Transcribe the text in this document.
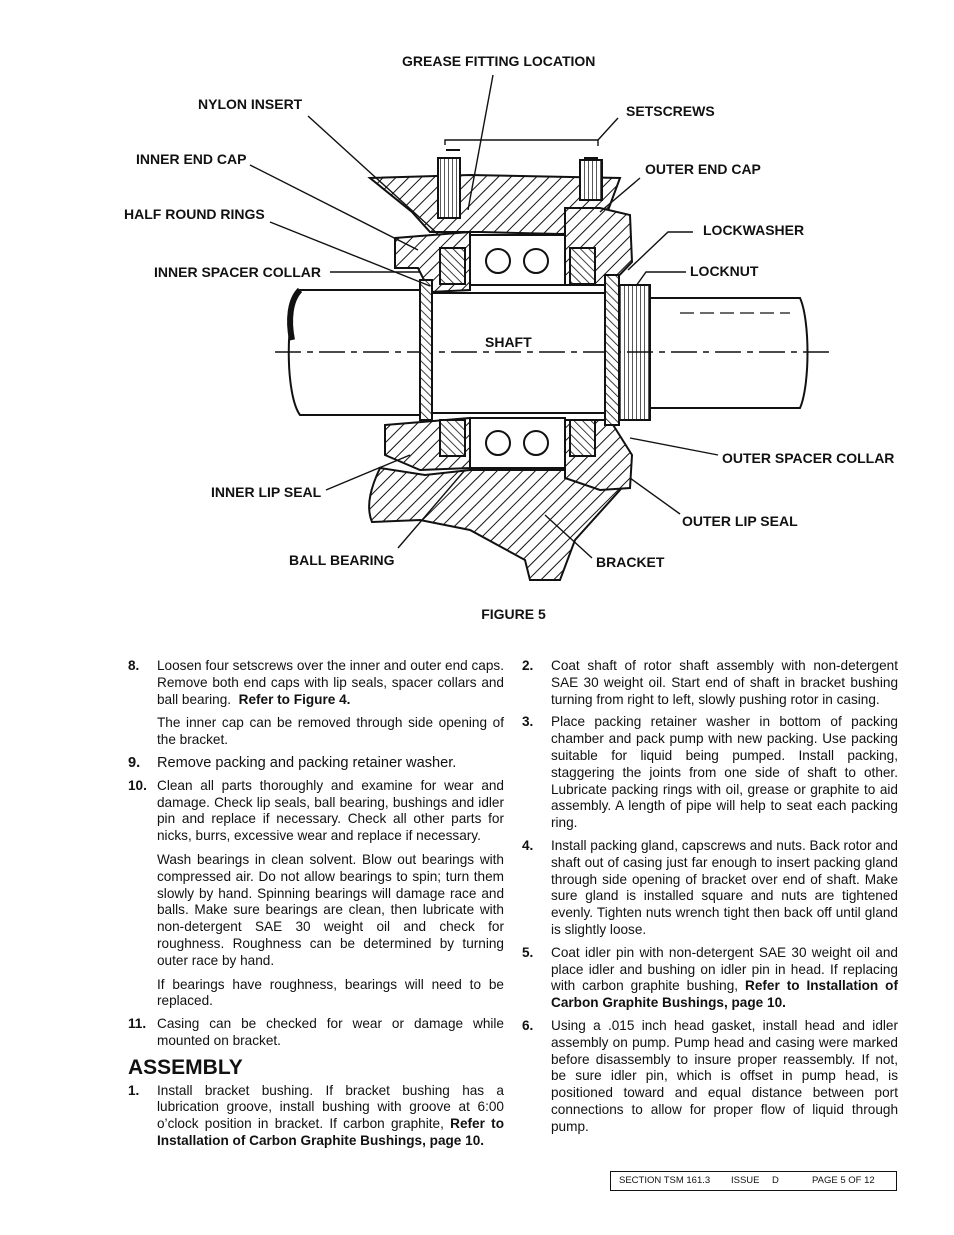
GREASE FITTING LOCATION
NYLON INSERT	SETSCREWS
INNER END CAP
OUTER END CAP
HALF ROUND RINGS
LOCKWASHER
INNER SPACER COLLAR	LOCKNUT
SHAFT
OUTER SPACER COLLAR
INNER LIP SEAL
OUTER LIP SEAL
BALL BEARING	BRACKET
FIGURE 5
8. Loosen four setscrews over the inner and outer end caps. Remove both end caps with lip seals, spacer collars and ball bearing. Refer to Figure 4.

The inner cap can be removed through side opening of the bracket.

9. Remove packing and packing retainer washer.

10. Clean all parts thoroughly and examine for wear and damage. Check lip seals, ball bearing, bushings and idler pin and replace if necessary. Check all other parts for nicks, burrs, excessive wear and replace if necessary.

Wash bearings in clean solvent. Blow out bearings with compressed air. Do not allow bearings to spin; turn them slowly by hand. Spinning bearings will damage race and balls. Make sure bearings are clean, then lubricate with non-detergent SAE 30 weight oil and check for roughness. Roughness can be determined by turning outer race by hand.

If bearings have roughness, bearings will need to be replaced.

11. Casing can be checked for wear or damage while mounted on bracket.

ASSEMBLY
1. Install bracket bushing. If bracket bushing has a lubrication groove, install bushing with groove at 6:00 o’clock position in bracket. If carbon graphite, Refer to Installation of Carbon Graphite Bushings, page 10.

2. Coat shaft of rotor shaft assembly with non-detergent SAE 30 weight oil. Start end of shaft in bracket bushing turning from right to left, slowly pushing rotor in casing.

3. Place packing retainer washer in bottom of packing chamber and pack pump with new packing. Use packing suitable for liquid being pumped. Install packing, staggering the joints from one side of shaft to other. Lubricate packing rings with oil, grease or graphite to aid assembly. A length of pipe will help to seat each packing ring.

4. Install packing gland, capscrews and nuts. Back rotor and shaft out of casing just far enough to insert packing gland through side opening of bracket over end of shaft. Make sure gland is installed square and nuts are tightened evenly. Tighten nuts wrench tight then back off until gland is slightly loose.

5. Coat idler pin with non-detergent SAE 30 weight oil and place idler and bushing on idler pin in head. If replacing with carbon graphite bushing, Refer to Installation of Carbon Graphite Bushings, page 10.

6. Using a .015 inch head gasket, install head and idler assembly on pump. Pump head and casing were marked before disassembly to insure proper reassembly. If not, be sure idler pin, which is offset in pump head, is positioned toward and equal distance between port connections to allow for proper flow of liquid through pump.

SECTION TSM 161.3 ISSUE D	PAGE 5 OF 12
